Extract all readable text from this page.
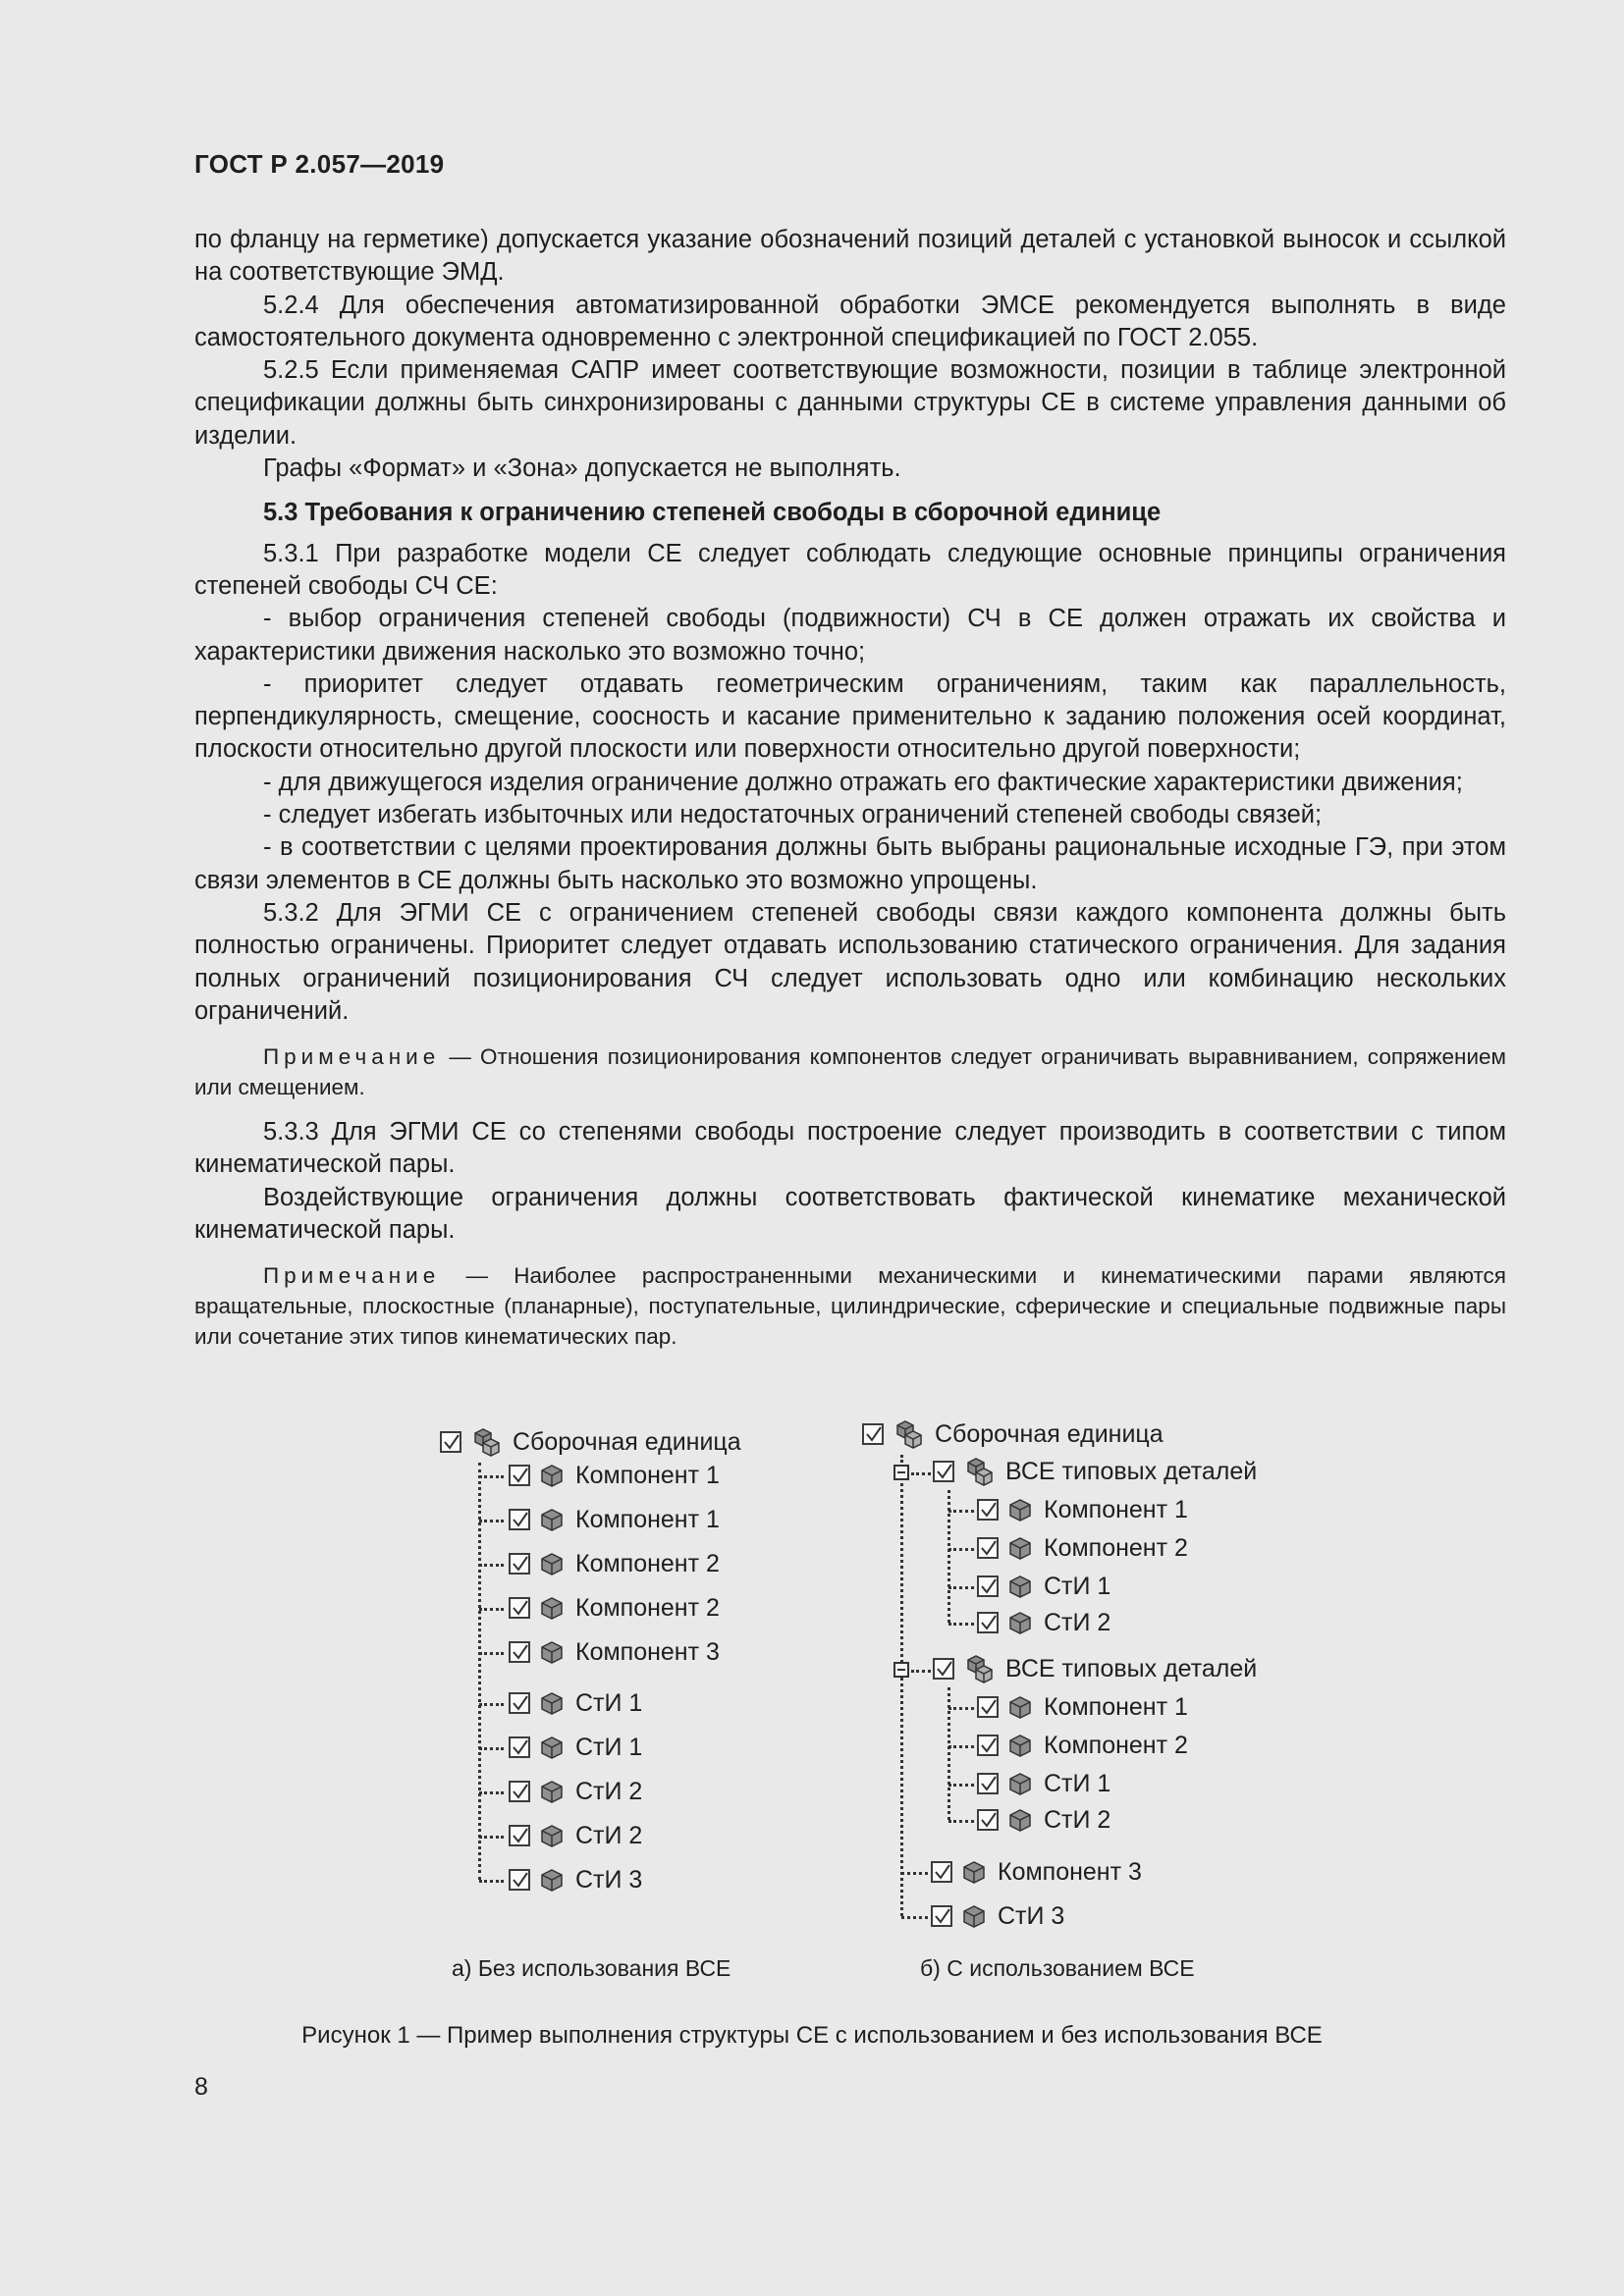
ГОСТ Р 2.057—2019

по фланцу на герметике) допускается указание обозначений позиций деталей с установкой выносок и ссылкой на соответствующие ЭМД.

5.2.4 Для обеспечения автоматизированной обработки ЭМСЕ рекомендуется выполнять в виде самостоятельного документа одновременно с электронной спецификацией по ГОСТ 2.055.

5.2.5 Если применяемая САПР имеет соответствующие возможности, позиции в таблице электронной спецификации должны быть синхронизированы с данными структуры СЕ в системе управления данными об изделии.

Графы «Формат» и «Зона» допускается не выполнять.

5.3 Требования к ограничению степеней свободы в сборочной единице

5.3.1 При разработке модели СЕ следует соблюдать следующие основные принципы ограничения степеней свободы СЧ СЕ:

- выбор ограничения степеней свободы (подвижности) СЧ в СЕ должен отражать их свойства и характеристики движения насколько это возможно точно;

- приоритет следует отдавать геометрическим ограничениям, таким как параллельность, перпендикулярность, смещение, соосность и касание применительно к заданию положения осей координат, плоскости относительно другой плоскости или поверхности относительно другой поверхности;

- для движущегося изделия ограничение должно отражать его фактические характеристики движения;

- следует избегать избыточных или недостаточных ограничений степеней свободы связей;

- в соответствии с целями проектирования должны быть выбраны рациональные исходные ГЭ, при этом связи элементов в СЕ должны быть насколько это возможно упрощены.

5.3.2 Для ЭГМИ СЕ с ограничением степеней свободы связи каждого компонента должны быть полностью ограничены. Приоритет следует отдавать использованию статического ограничения. Для задания полных ограничений позиционирования СЧ следует использовать одно или комбинацию нескольких ограничений.

Примечание — Отношения позиционирования компонентов следует ограничивать выравниванием, сопряжением или смещением.

5.3.3 Для ЭГМИ СЕ со степенями свободы построение следует производить в соответствии с типом кинематической пары.

Воздействующие ограничения должны соответствовать фактической кинематике механической кинематической пары.

Примечание — Наиболее распространенными механическими и кинематическими парами являются вращательные, плоскостные (планарные), поступательные, цилиндрические, сферические и специальные подвижные пары или сочетание этих типов кинематических пар.

Сборочная единица
Компонент 1
Компонент 1
Компонент 2
Компонент 2
Компонент 3
СтИ 1
СтИ 1
СтИ 2
СтИ 2
СтИ 3
Сборочная единица
ВСЕ типовых деталей
Компонент 1
Компонент 2
СтИ 1
СтИ 2
ВСЕ типовых деталей
Компонент 1
Компонент 2
СтИ 1
СтИ 2
Компонент 3
СтИ 3
а) Без использования ВСЕ	б) С использованием ВСЕ
Рисунок 1 — Пример выполнения структуры СЕ с использованием и без использования ВСЕ
8
